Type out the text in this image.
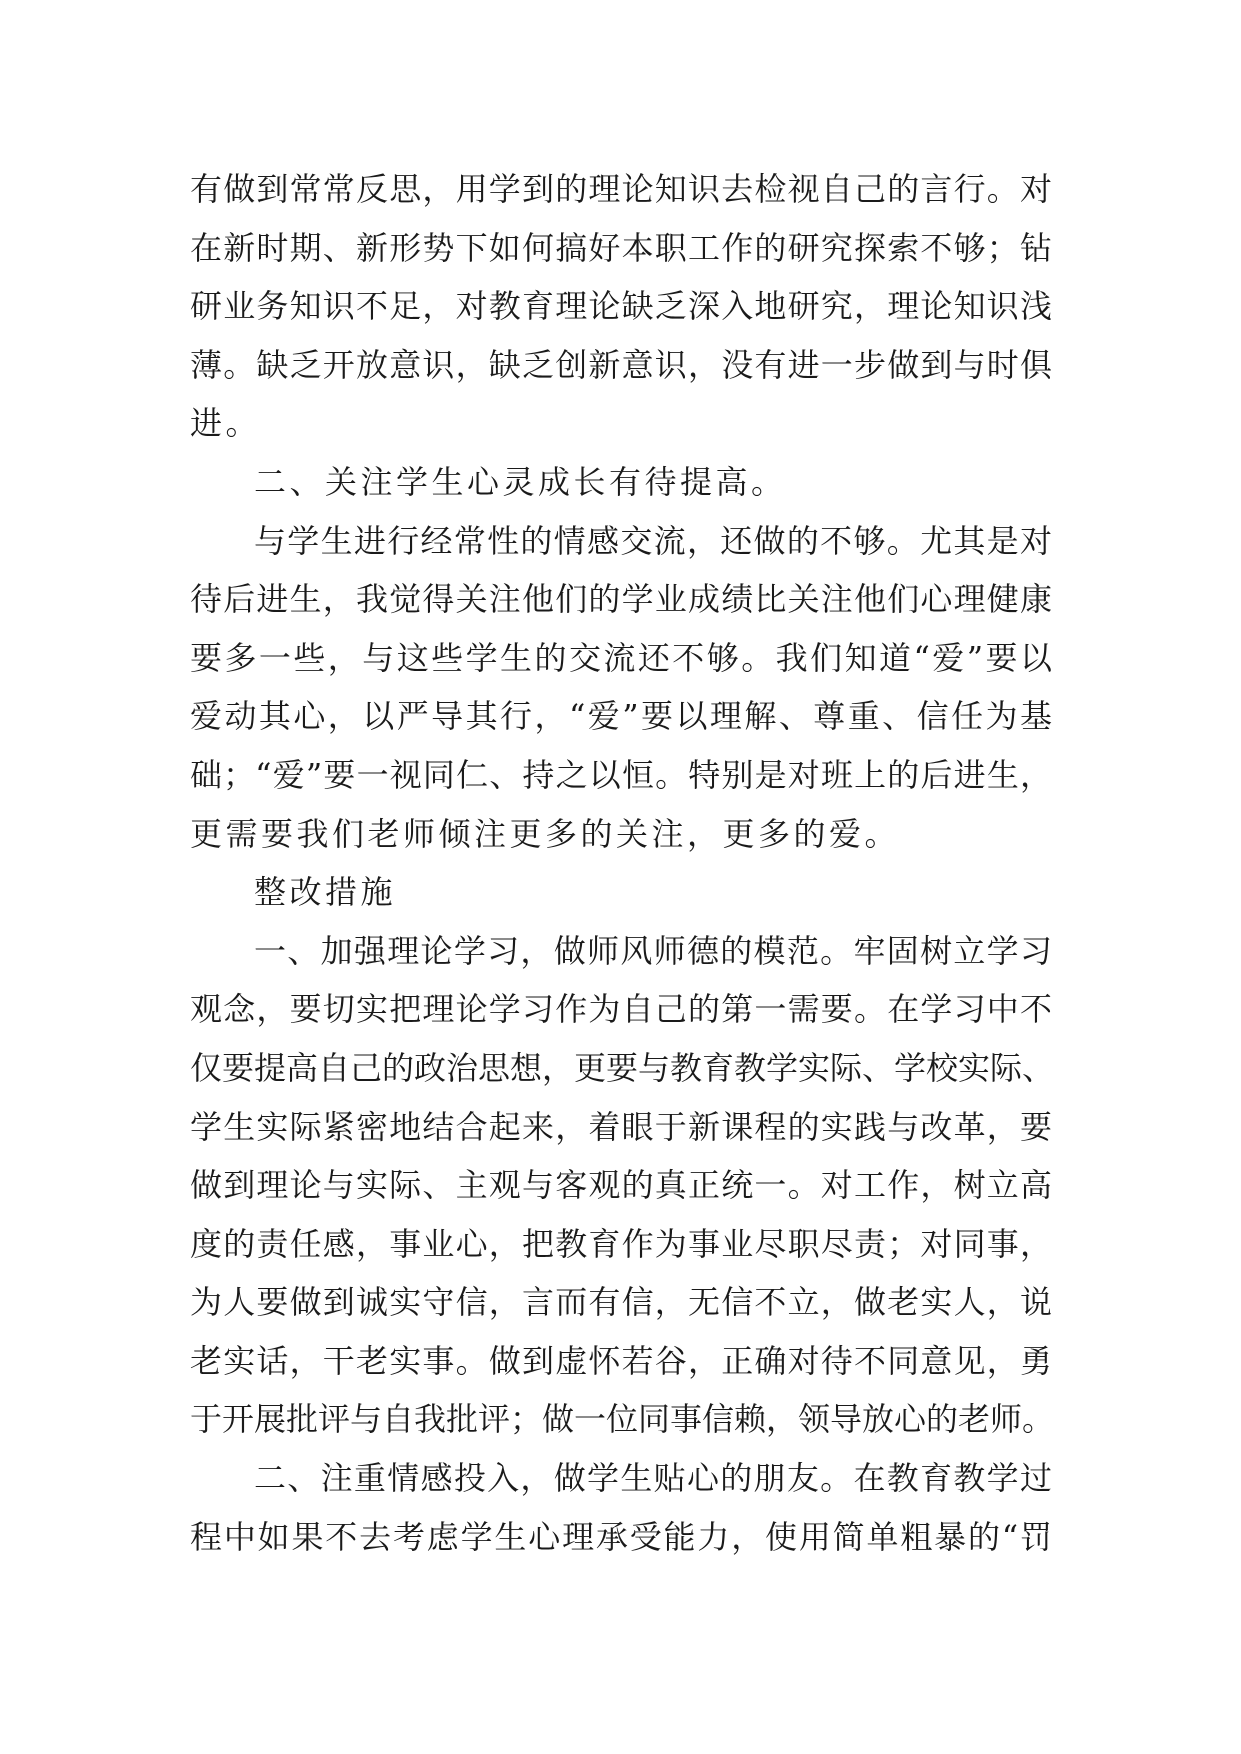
有做到常常反思，用学到的理论知识去检视自己的言行。对
在新时期、新形势下如何搞好本职工作的研究探索不够；钻
研业务知识不足，对教育理论缺乏深入地研究，理论知识浅
薄。缺乏开放意识，缺乏创新意识，没有进一步做到与时俱
进。
二、关注学生心灵成长有待提高。
与学生进行经常性的情感交流，还做的不够。尤其是对
待后进生，我觉得关注他们的学业成绩比关注他们心理健康
要多一些，与这些学生的交流还不够。我们知道“爱”要以
爱动其心，以严导其行，“爱”要以理解、尊重、信任为基
础；“爱”要一视同仁、持之以恒。特别是对班上的后进生，
更需要我们老师倾注更多的关注，更多的爱。
整改措施
一、加强理论学习，做师风师德的模范。牢固树立学习
观念，要切实把理论学习作为自己的第一需要。在学习中不
仅要提高自己的政治思想，更要与教育教学实际、学校实际、
学生实际紧密地结合起来，着眼于新课程的实践与改革，要
做到理论与实际、主观与客观的真正统一。对工作，树立高
度的责任感，事业心，把教育作为事业尽职尽责；对同事，
为人要做到诚实守信，言而有信，无信不立，做老实人，说
老实话，干老实事。做到虚怀若谷，正确对待不同意见，勇
于开展批评与自我批评；做一位同事信赖，领导放心的老师。
二、注重情感投入，做学生贴心的朋友。在教育教学过
程中如果不去考虑学生心理承受能力，使用简单粗暴的“罚
